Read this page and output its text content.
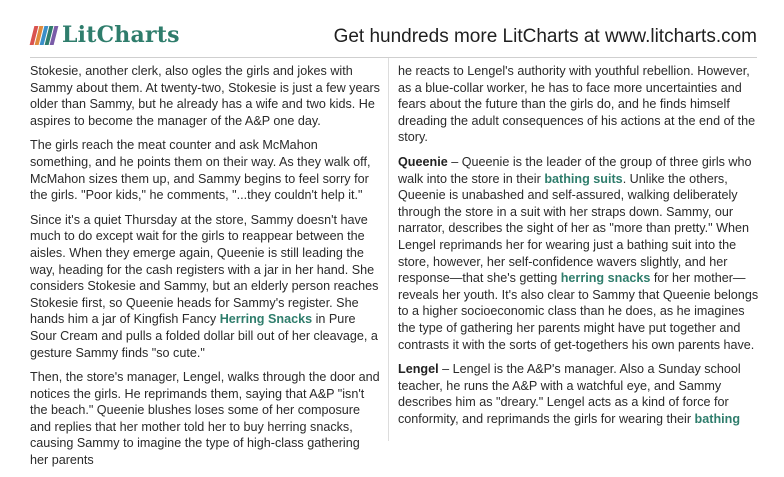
LitCharts	Get hundreds more LitCharts at www.litcharts.com

Stokesie, another clerk, also ogles the girls and jokes with Sammy about them. At twenty-two, Stokesie is just a few years older than Sammy, but he already has a wife and two kids. He aspires to become the manager of the A&P one day.

The girls reach the meat counter and ask McMahon something, and he points them on their way. As they walk off, McMahon sizes them up, and Sammy begins to feel sorry for the girls. "Poor kids," he comments, "...they couldn't help it."

Since it's a quiet Thursday at the store, Sammy doesn't have much to do except wait for the girls to reappear between the aisles. When they emerge again, Queenie is still leading the way, heading for the cash registers with a jar in her hand. She considers Stokesie and Sammy, but an elderly person reaches Stokesie first, so Queenie heads for Sammy's register. She hands him a jar of Kingfish Fancy Herring Snacks in Pure Sour Cream and pulls a folded dollar bill out of her cleavage, a gesture Sammy finds "so cute."

Then, the store's manager, Lengel, walks through the door and notices the girls. He reprimands them, saying that A&P "isn't the beach." Queenie blushes loses some of her composure and replies that her mother told her to buy herring snacks, causing Sammy to imagine the type of high-class gathering her parents

he reacts to Lengel's authority with youthful rebellion. However, as a blue-collar worker, he has to face more uncertainties and fears about the future than the girls do, and he finds himself dreading the adult consequences of his actions at the end of the story.

Queenie – Queenie is the leader of the group of three girls who walk into the store in their bathing suits. Unlike the others, Queenie is unabashed and self-assured, walking deliberately through the store in a suit with her straps down. Sammy, our narrator, describes the sight of her as "more than pretty." When Lengel reprimands her for wearing just a bathing suit into the store, however, her self-confidence wavers slightly, and her response—that she's getting herring snacks for her mother—reveals her youth. It's also clear to Sammy that Queenie belongs to a higher socioeconomic class than he does, as he imagines the type of gathering her parents might have put together and contrasts it with the sorts of get-togethers his own parents have.

Lengel – Lengel is the A&P's manager. Also a Sunday school teacher, he runs the A&P with a watchful eye, and Sammy describes him as "dreary." Lengel acts as a kind of force for conformity, and reprimands the girls for wearing their bathing
